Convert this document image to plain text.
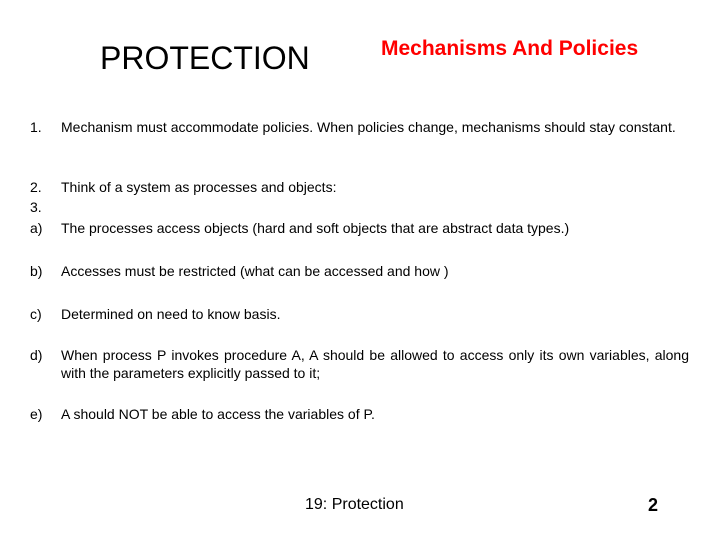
PROTECTION	Mechanisms And Policies
1. Mechanism must accommodate policies. When policies change, mechanisms should stay constant.
2. Think of a system as processes and objects:
3.
a) The processes access objects (hard and soft objects that are abstract data types.)
b) Accesses must be restricted (what can be accessed and how )
c) Determined on need to know basis.
d) When process P invokes procedure A, A should be allowed to access only its own variables, along with the parameters explicitly passed to it;
e) A should NOT be able to access the variables of P.
19: Protection	2
